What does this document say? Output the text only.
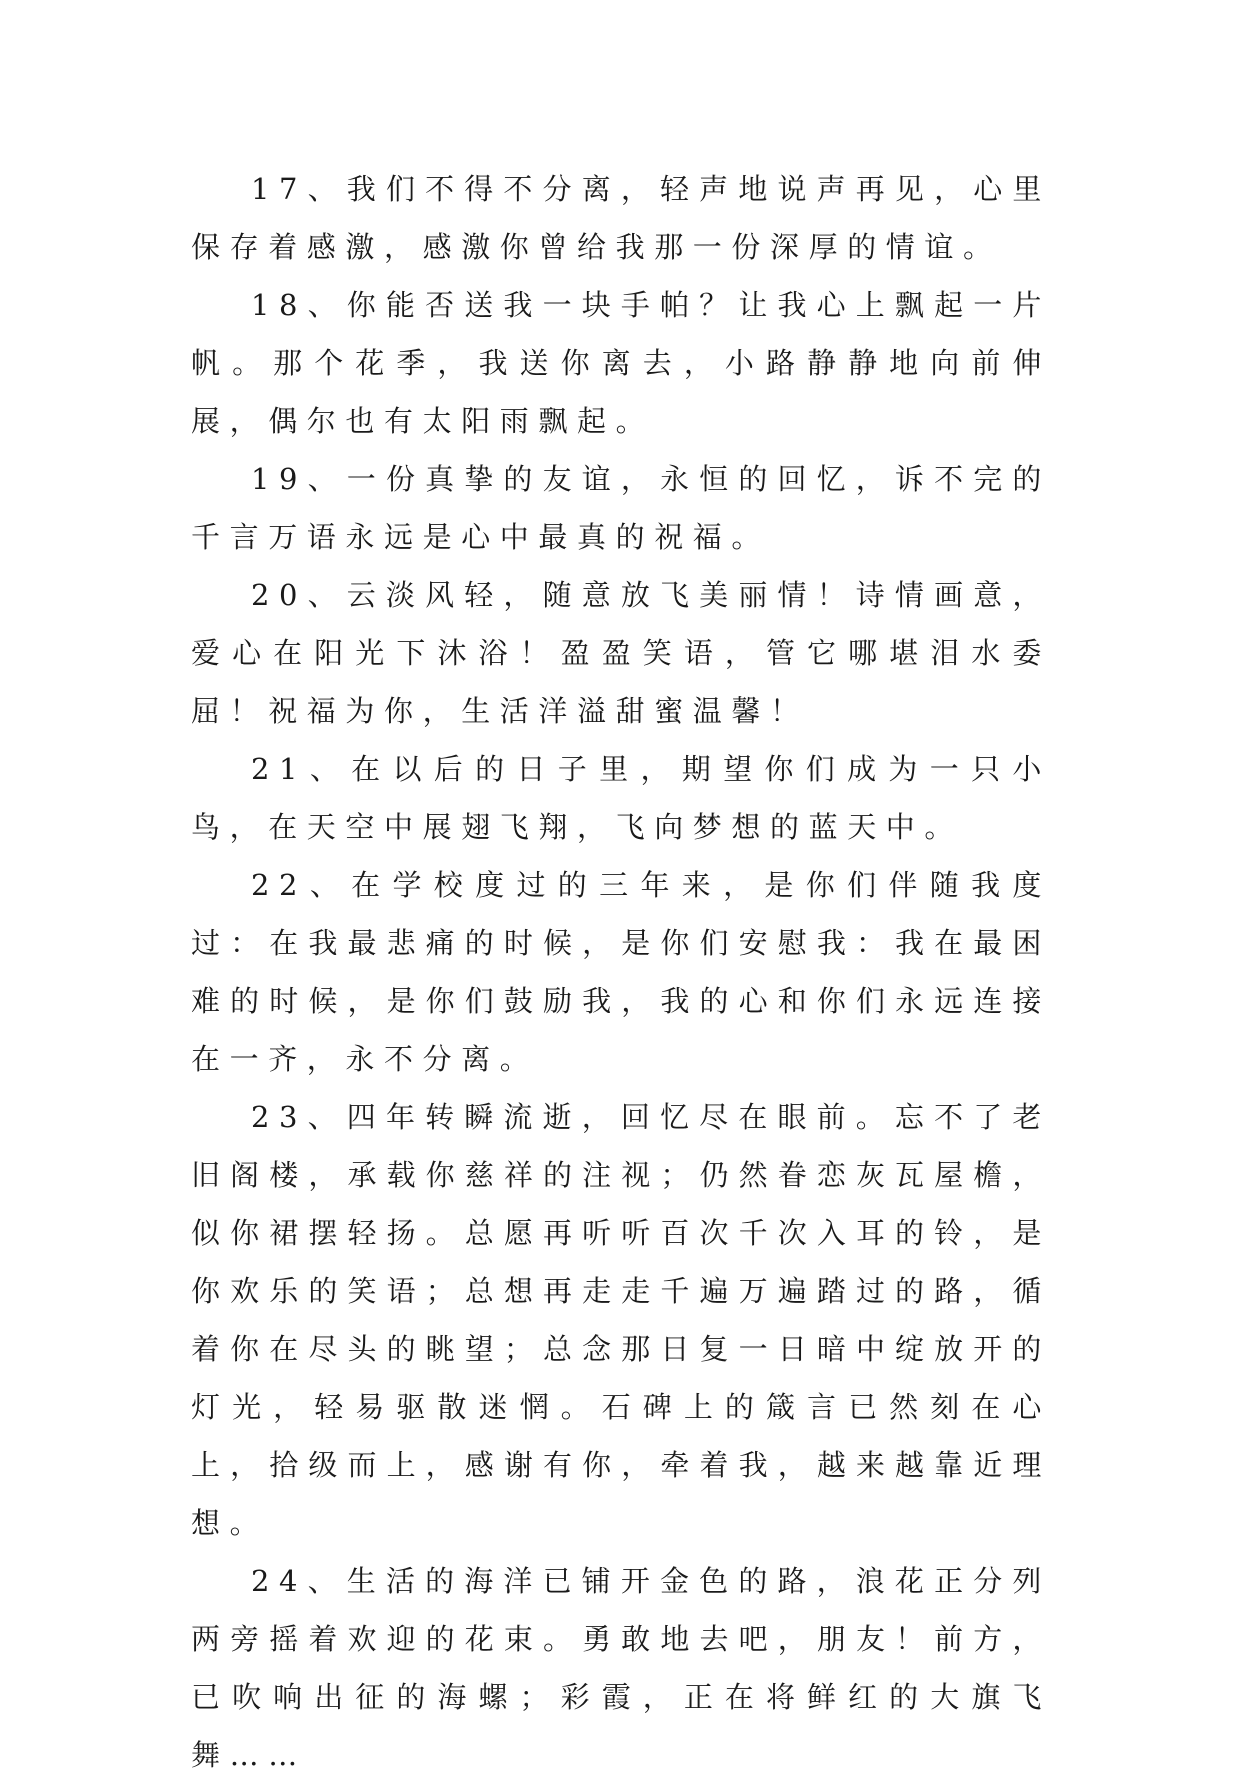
17、我们不得不分离，轻声地说声再见，心里保存着感激，感激你曾给我那一份深厚的情谊。

18、你能否送我一块手帕？让我心上飘起一片帆。那个花季，我送你离去，小路静静地向前伸展，偶尔也有太阳雨飘起。

19、一份真挚的友谊，永恒的回忆，诉不完的千言万语永远是心中最真的祝福。

20、云淡风轻，随意放飞美丽情！诗情画意，爱心在阳光下沐浴！盈盈笑语，管它哪堪泪水委屈！祝福为你，生活洋溢甜蜜温馨！

21、在以后的日子里，期望你们成为一只小鸟，在天空中展翅飞翔，飞向梦想的蓝天中。

22、在学校度过的三年来，是你们伴随我度过：在我最悲痛的时候，是你们安慰我：我在最困难的时候，是你们鼓励我，我的心和你们永远连接在一齐，永不分离。

23、四年转瞬流逝，回忆尽在眼前。忘不了老旧阁楼，承载你慈祥的注视；仍然眷恋灰瓦屋檐，似你裙摆轻扬。总愿再听听百次千次入耳的铃，是你欢乐的笑语；总想再走走千遍万遍踏过的路，循着你在尽头的眺望；总念那日复一日暗中绽放开的灯光，轻易驱散迷惘。石碑上的箴言已然刻在心上，拾级而上，感谢有你，牵着我，越来越靠近理想。

24、生活的海洋已铺开金色的路，浪花正分列两旁摇着欢迎的花束。勇敢地去吧，朋友！前方，已吹响出征的海螺；彩霞，正在将鲜红的大旗飞舞……
